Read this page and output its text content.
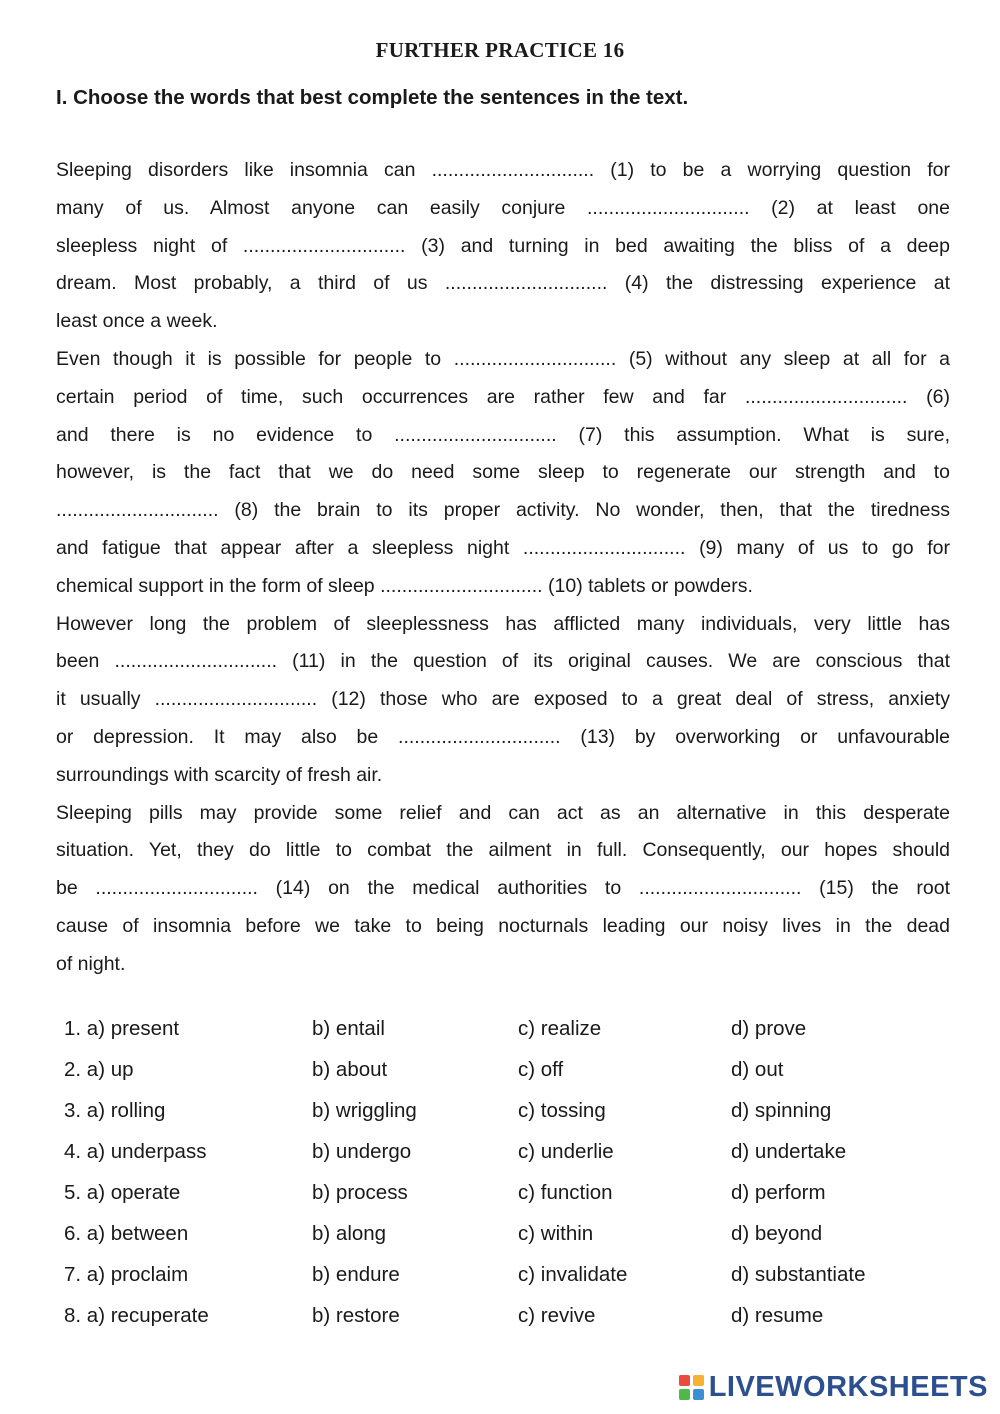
FURTHER PRACTICE 16
I. Choose the words that best complete the sentences in the text.
Sleeping disorders like insomnia can .............................. (1) to be a worrying question for
many of us. Almost anyone can easily conjure .............................. (2) at least one
sleepless night of .............................. (3) and turning in bed awaiting the bliss of a deep
dream. Most probably, a third of us .............................. (4) the distressing experience at
least once a week.
Even though it is possible for people to .............................. (5) without any sleep at all for a
certain period of time, such occurrences are rather few and far .............................. (6)
and there is no evidence to .............................. (7) this assumption. What is sure,
however, is the fact that we do need some sleep to regenerate our strength and to
.............................. (8) the brain to its proper activity. No wonder, then, that the tiredness
and fatigue that appear after a sleepless night .............................. (9) many of us to go for
chemical support in the form of sleep .............................. (10) tablets or powders.
However long the problem of sleeplessness has afflicted many individuals, very little has
been .............................. (11) in the question of its original causes. We are conscious that
it usually .............................. (12) those who are exposed to a great deal of stress, anxiety
or depression. It may also be .............................. (13) by overworking or unfavourable
surroundings with scarcity of fresh air.
Sleeping pills may provide some relief and can act as an alternative in this desperate
situation. Yet, they do little to combat the ailment in full. Consequently, our hopes should
be .............................. (14) on the medical authorities to .............................. (15) the root
cause of insomnia before we take to being nocturnals leading our noisy lives in the dead
of night.
1. a) present	b) entail	c) realize	d) prove
2. a) up	b) about	c) off	d) out
3. a) rolling	b) wriggling	c) tossing	d) spinning
4. a) underpass	b) undergo	c) underlie	d) undertake
5. a) operate	b) process	c) function	d) perform
6. a) between	b) along	c) within	d) beyond
7. a) proclaim	b) endure	c) invalidate	d) substantiate
8. a) recuperate	b) restore	c) revive	d) resume
LIVEWORKSHEETS
